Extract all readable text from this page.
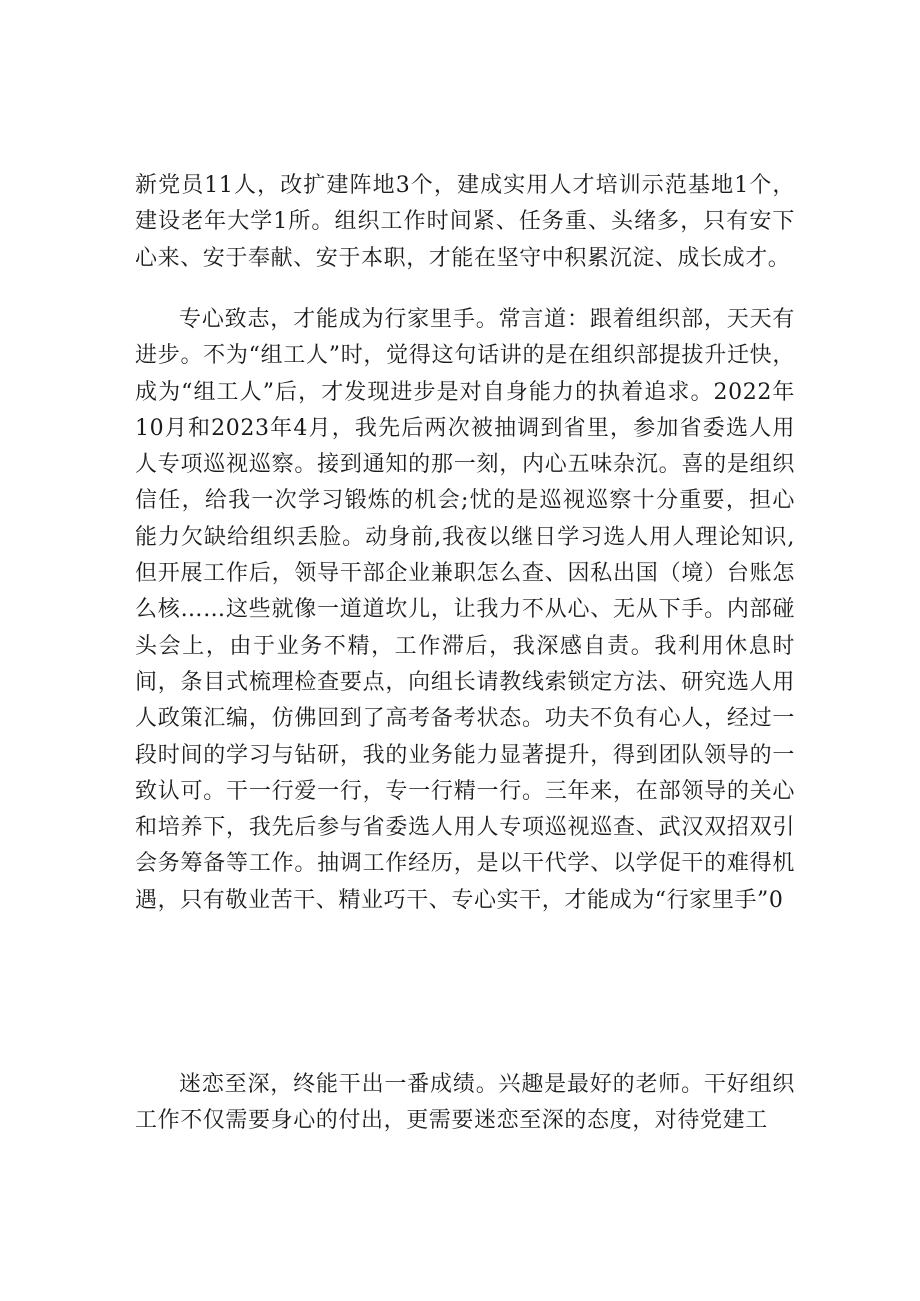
新党员11人，改扩建阵地3个，建成实用人才培训示范基地1个，建设老年大学1所。组织工作时间紧、任务重、头绪多，只有安下心来、安于奉献、安于本职，才能在坚守中积累沉淀、成长成才。

专心致志，才能成为行家里手。常言道：跟着组织部，天天有进步。不为“组工人”时，觉得这句话讲的是在组织部提拔升迁快，成为“组工人”后，才发现进步是对自身能力的执着追求。2022年10月和2023年4月，我先后两次被抽调到省里，参加省委选人用人专项巡视巡察。接到通知的那一刻，内心五味杂沉。喜的是组织信任，给我一次学习锻炼的机会;忧的是巡视巡察十分重要，担心能力欠缺给组织丢脸。动身前,我夜以继日学习选人用人理论知识,但开展工作后，领导干部企业兼职怎么查、因私出国（境）台账怎么核……这些就像一道道坎儿，让我力不从心、无从下手。内部碰头会上，由于业务不精，工作滞后，我深感自责。我利用休息时间，条目式梳理检查要点，向组长请教线索锁定方法、研究选人用人政策汇编，仿佛回到了高考备考状态。功夫不负有心人，经过一段时间的学习与钻研，我的业务能力显著提升，得到团队领导的一致认可。干一行爱一行，专一行精一行。三年来，在部领导的关心和培养下，我先后参与省委选人用人专项巡视巡查、武汉双招双引会务筹备等工作。抽调工作经历，是以干代学、以学促干的难得机遇，只有敬业苦干、精业巧干、专心实干，才能成为“行家里手”0

迷恋至深，终能干出一番成绩。兴趣是最好的老师。干好组织工作不仅需要身心的付出，更需要迷恋至深的态度，对待党建工
